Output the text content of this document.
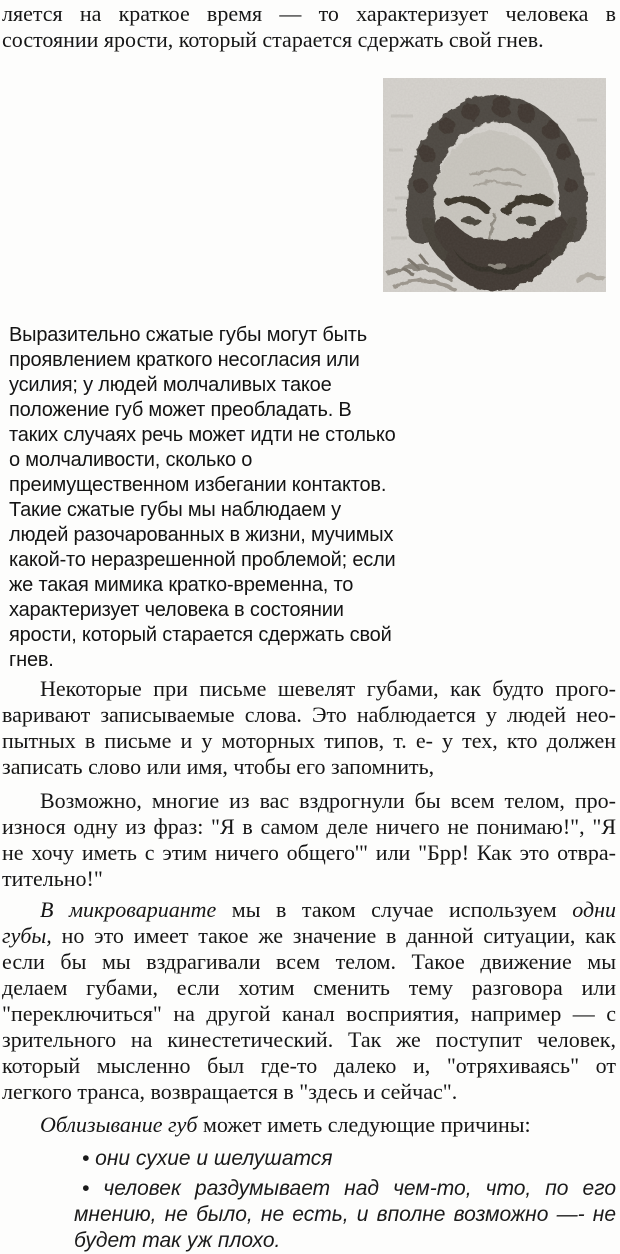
ляется на краткое время — то характеризует человека в
состоянии ярости, который старается сдержать свой гнев.
Выразительно сжатые губы могут быть
проявлением краткого несогласия или
усилия; у людей молчаливых такое
положение губ может преобладать. В
таких случаях речь может идти не столько
о молчаливости, сколько о
преимущественном избегании контактов.
Такие сжатые губы мы наблюдаем у
людей разочарованных в жизни, мучимых
какой-то неразрешенной проблемой; если
же такая мимика кратко-временна, то
характеризует человека в состоянии
ярости, который старается сдержать свой
гнев.
Некоторые при письме шевелят губами, как будто прого-
варивают записываемые слова. Это наблюдается у людей нео-
пытных в письме и у моторных типов, т. е- у тех, кто должен
записать слово или имя, чтобы его запомнить,
Возможно, многие из вас вздрогнули бы всем телом, про-
износя одну из фраз: "Я в самом деле ничего не понимаю!", "Я
не хочу иметь с этим ничего общего'" или "Брр! Как это отвра-
тительно!"
В микроварианте мы в таком случае используем одни
губы, но это имеет такое же значение в данной ситуации, как
если бы мы вздрагивали всем телом. Такое движение мы
делаем губами, если хотим сменить тему разговора или
"переключиться" на другой канал восприятия, например — с
зрительного на кинестетический. Так же поступит человек,
который мысленно был где-то далеко и, "отряхиваясь" от
легкого транса, возвращается в "здесь и сейчас".
Облизывание губ может иметь следующие причины:
• они сухие и шелушатся
• человек раздумывает над чем-то, что, по его
мнению, не было, не есть, и вполне возможно —- не
будет так уж плохо.
